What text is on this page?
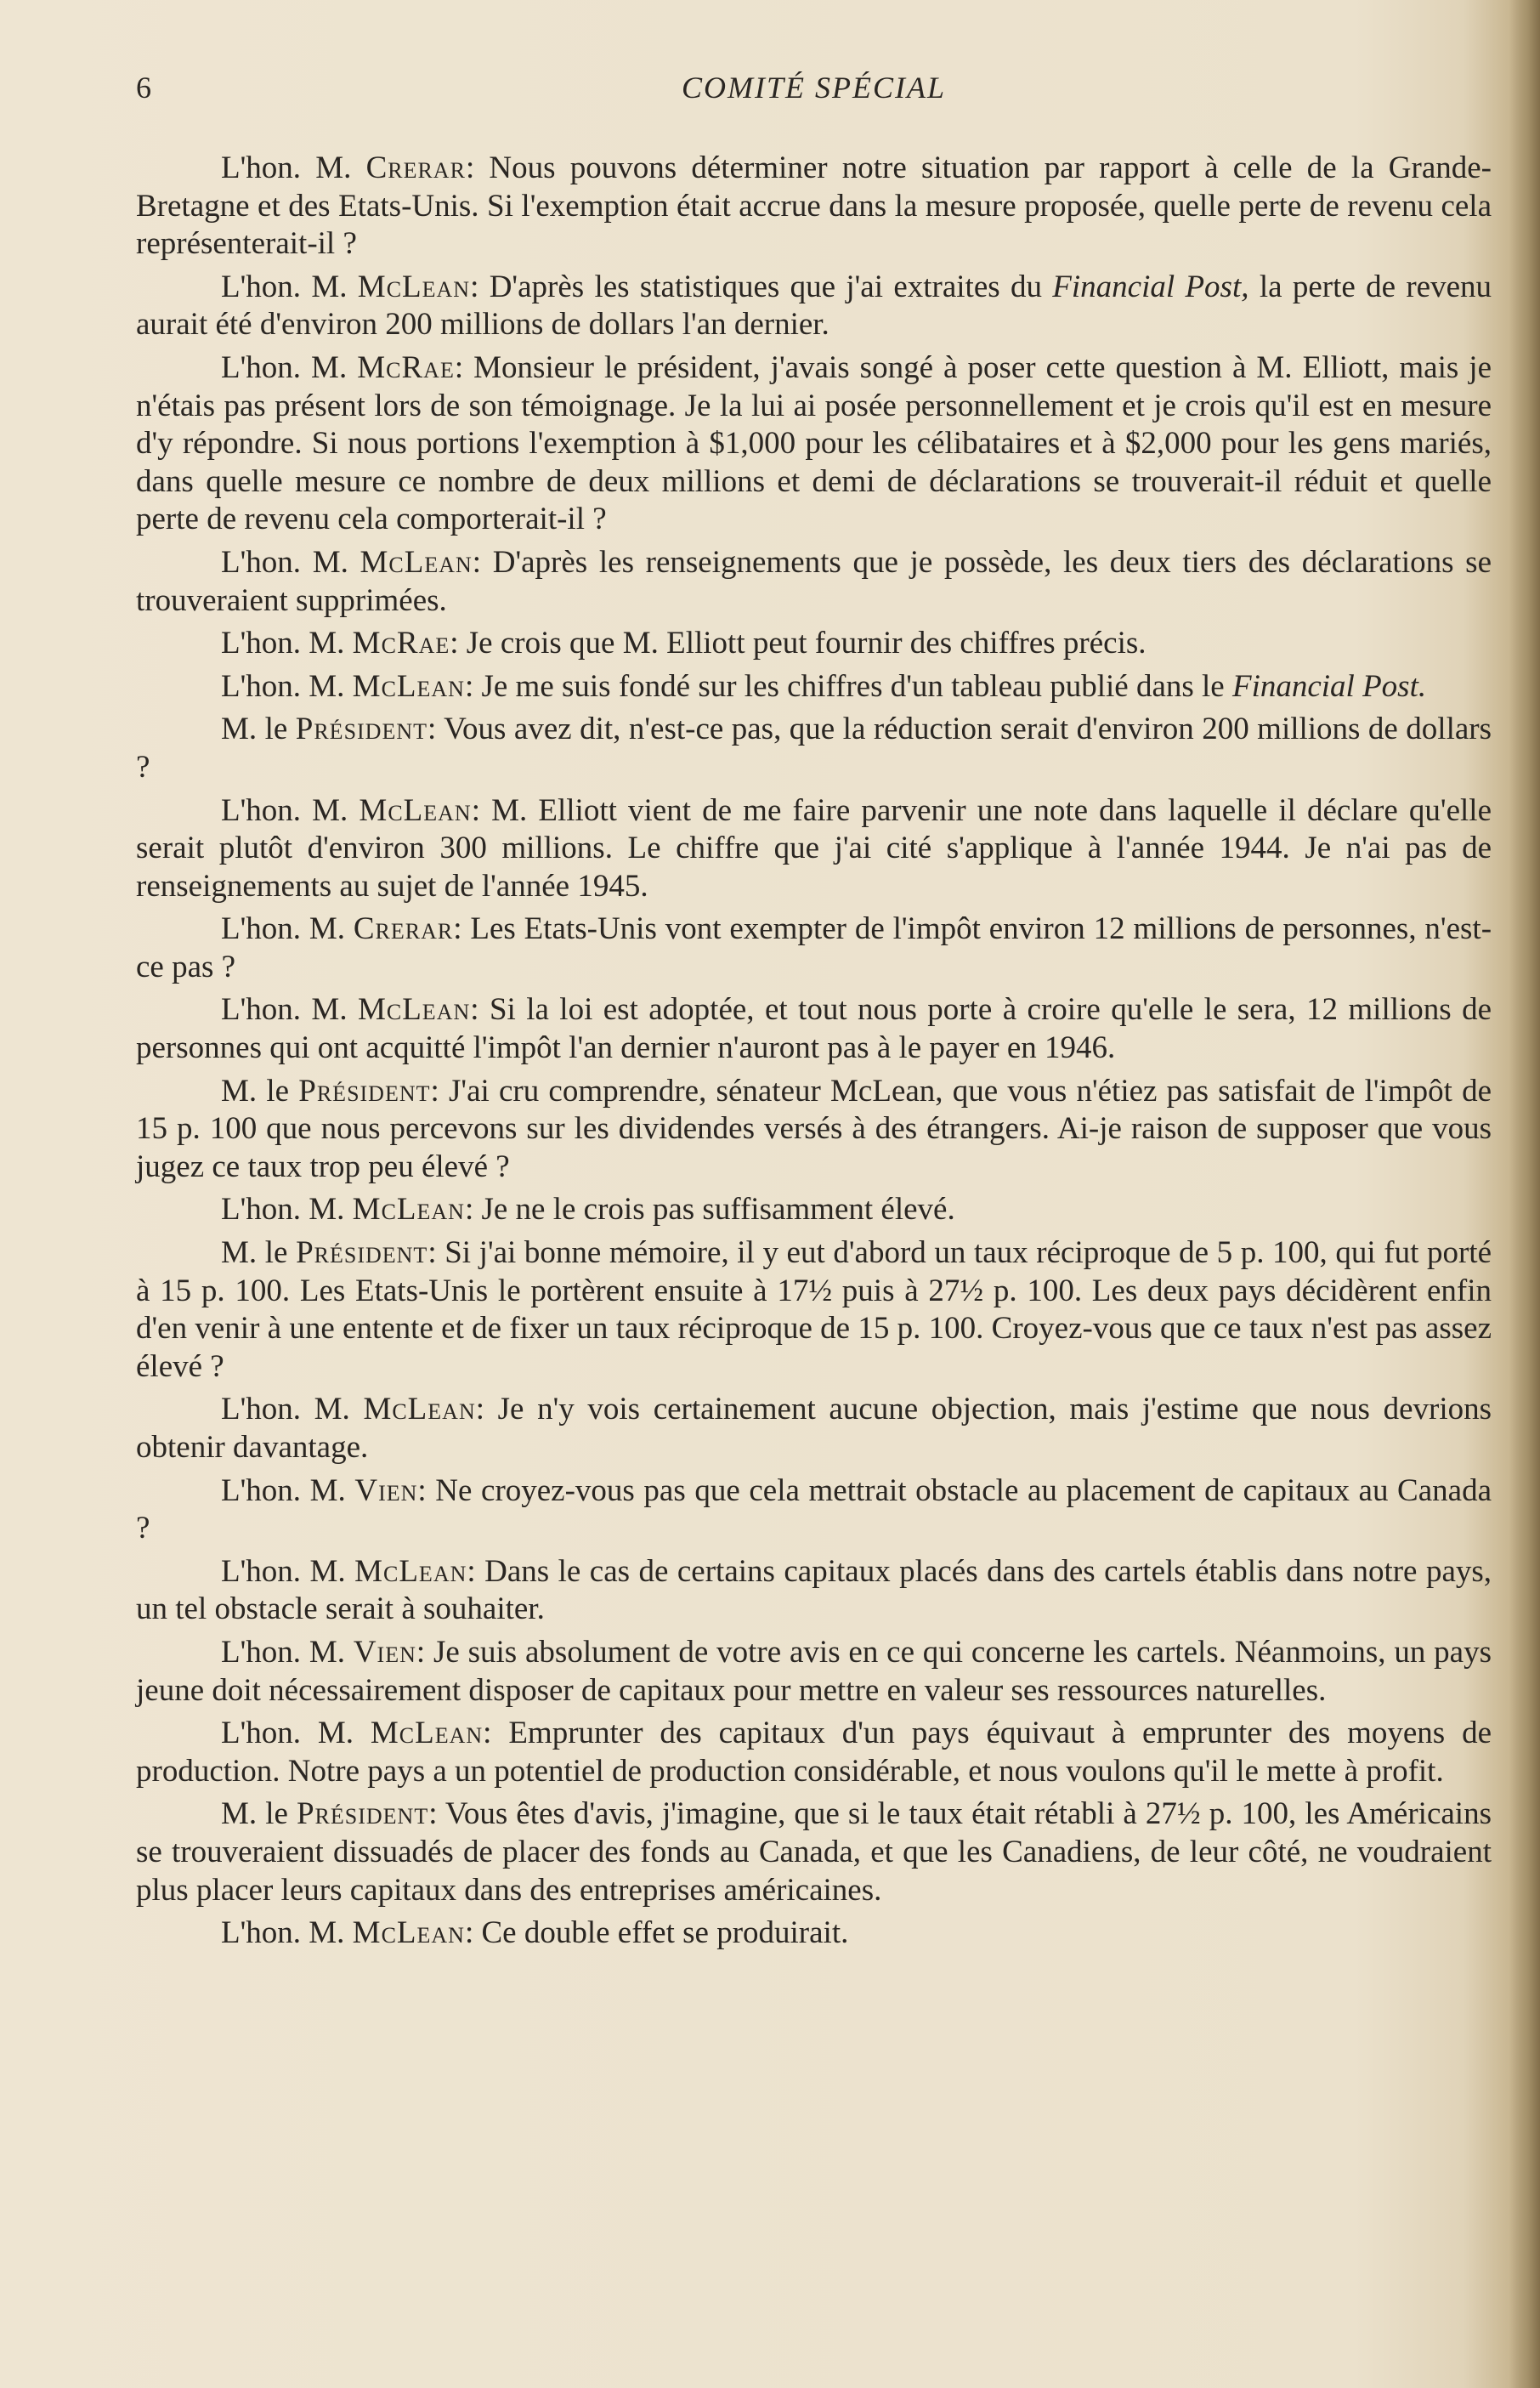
6	COMITÉ SPÉCIAL

L'hon. M. Crerar: Nous pouvons déterminer notre situation par rapport à celle de la Grande-Bretagne et des Etats-Unis. Si l'exemption était accrue dans la mesure proposée, quelle perte de revenu cela représenterait-il ?

L'hon. M. McLean: D'après les statistiques que j'ai extraites du Financial Post, la perte de revenu aurait été d'environ 200 millions de dollars l'an dernier.

L'hon. M. McRae: Monsieur le président, j'avais songé à poser cette question à M. Elliott, mais je n'étais pas présent lors de son témoignage. Je la lui ai posée personnellement et je crois qu'il est en mesure d'y répondre. Si nous portions l'exemption à $1,000 pour les célibataires et à $2,000 pour les gens mariés, dans quelle mesure ce nombre de deux millions et demi de déclarations se trouverait-il réduit et quelle perte de revenu cela comporterait-il ?

L'hon. M. McLean: D'après les renseignements que je possède, les deux tiers des déclarations se trouveraient supprimées.

L'hon. M. McRae: Je crois que M. Elliott peut fournir des chiffres précis.

L'hon. M. McLean: Je me suis fondé sur les chiffres d'un tableau publié dans le Financial Post.

M. le Président: Vous avez dit, n'est-ce pas, que la réduction serait d'environ 200 millions de dollars ?

L'hon. M. McLean: M. Elliott vient de me faire parvenir une note dans laquelle il déclare qu'elle serait plutôt d'environ 300 millions. Le chiffre que j'ai cité s'applique à l'année 1944. Je n'ai pas de renseignements au sujet de l'année 1945.

L'hon. M. Crerar: Les Etats-Unis vont exempter de l'impôt environ 12 millions de personnes, n'est-ce pas ?

L'hon. M. McLean: Si la loi est adoptée, et tout nous porte à croire qu'elle le sera, 12 millions de personnes qui ont acquitté l'impôt l'an dernier n'auront pas à le payer en 1946.

M. le Président: J'ai cru comprendre, sénateur McLean, que vous n'étiez pas satisfait de l'impôt de 15 p. 100 que nous percevons sur les dividendes versés à des étrangers. Ai-je raison de supposer que vous jugez ce taux trop peu élevé ?

L'hon. M. McLean: Je ne le crois pas suffisamment élevé.

M. le Président: Si j'ai bonne mémoire, il y eut d'abord un taux réciproque de 5 p. 100, qui fut porté à 15 p. 100. Les Etats-Unis le portèrent ensuite à 17½ puis à 27½ p. 100. Les deux pays décidèrent enfin d'en venir à une entente et de fixer un taux réciproque de 15 p. 100. Croyez-vous que ce taux n'est pas assez élevé ?

L'hon. M. McLean: Je n'y vois certainement aucune objection, mais j'estime que nous devrions obtenir davantage.

L'hon. M. Vien: Ne croyez-vous pas que cela mettrait obstacle au placement de capitaux au Canada ?

L'hon. M. McLean: Dans le cas de certains capitaux placés dans des cartels établis dans notre pays, un tel obstacle serait à souhaiter.

L'hon. M. Vien: Je suis absolument de votre avis en ce qui concerne les cartels. Néanmoins, un pays jeune doit nécessairement disposer de capitaux pour mettre en valeur ses ressources naturelles.

L'hon. M. McLean: Emprunter des capitaux d'un pays équivaut à emprunter des moyens de production. Notre pays a un potentiel de production considérable, et nous voulons qu'il le mette à profit.

M. le Président: Vous êtes d'avis, j'imagine, que si le taux était rétabli à 27½ p. 100, les Américains se trouveraient dissuadés de placer des fonds au Canada, et que les Canadiens, de leur côté, ne voudraient plus placer leurs capitaux dans des entreprises américaines.

L'hon. M. McLean: Ce double effet se produirait.
